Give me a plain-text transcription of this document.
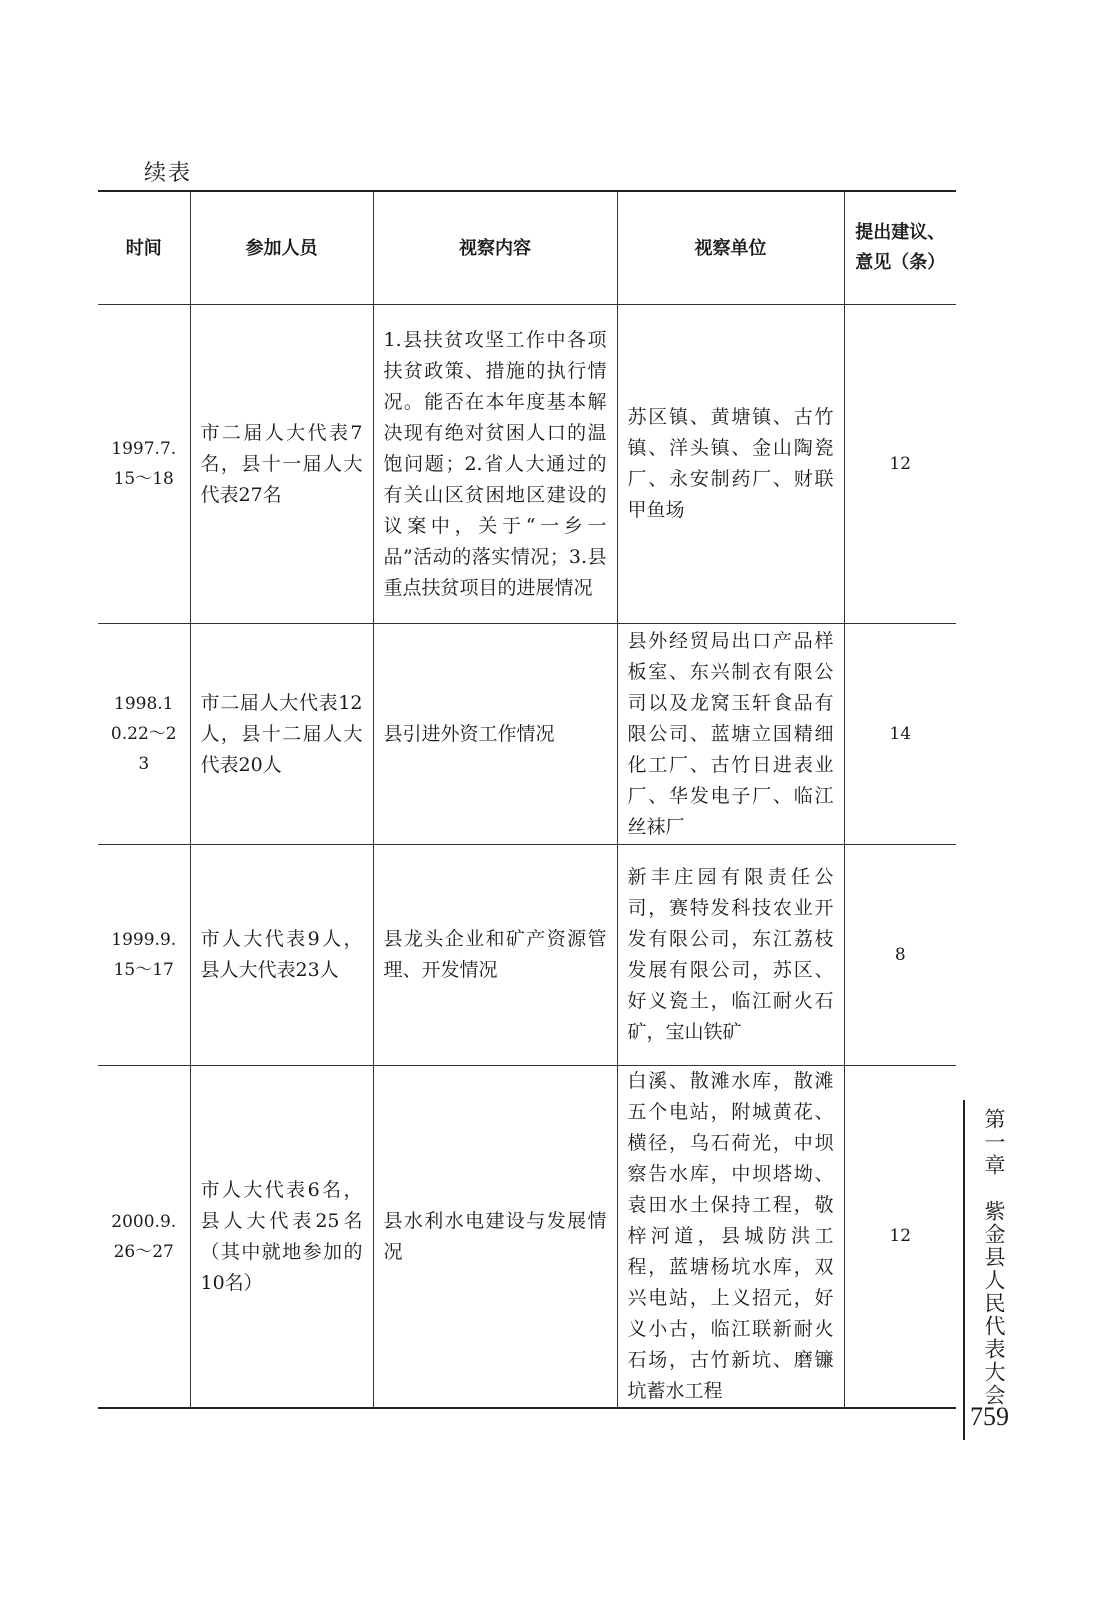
续表
时间	参加人员	视察内容	视察单位	提出建议、意见（条）
1997.7.15～18	市二届人大代表7名，县十一届人大代表27名	1.县扶贫攻坚工作中各项扶贫政策、措施的执行情况。能否在本年度基本解决现有绝对贫困人口的温饱问题；2.省人大通过的有关山区贫困地区建设的议案中，关于“一乡一品”活动的落实情况；3.县重点扶贫项目的进展情况	苏区镇、黄塘镇、古竹镇、洋头镇、金山陶瓷厂、永安制药厂、财联甲鱼场	12
1998.10.22～23	市二届人大代表12人，县十二届人大代表20人	县引进外资工作情况	县外经贸局出口产品样板室、东兴制衣有限公司以及龙窝玉轩食品有限公司、蓝塘立国精细化工厂、古竹日进表业厂、华发电子厂、临江丝袜厂	14
1999.9.15～17	市人大代表9人，县人大代表23人	县龙头企业和矿产资源管理、开发情况	新丰庄园有限责任公司，赛特发科技农业开发有限公司，东江荔枝发展有限公司，苏区、好义瓷土，临江耐火石矿，宝山铁矿	8
2000.9.26～27	市人大代表6名，县人大代表25名（其中就地参加的10名）	县水利水电建设与发展情况	白溪、散滩水库，散滩五个电站，附城黄花、横径，乌石荷光，中坝察告水库，中坝塔坳、袁田水土保持工程，敬梓河道，县城防洪工程，蓝塘杨坑水库，双兴电站，上义招元，好义小古，临江联新耐火石场，古竹新坑、磨镰坑蓄水工程	12	第一章　紫金县人民代表大会
759
